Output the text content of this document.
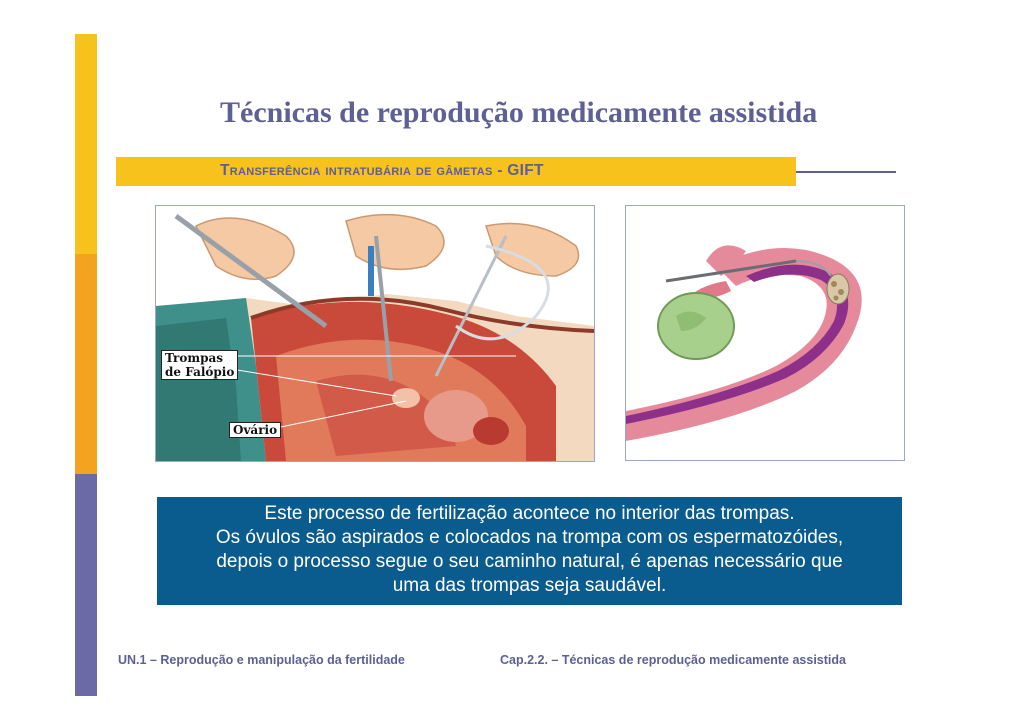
Técnicas de reprodução medicamente assistida
Transferência intratubária de gâmetas - GIFT
Trompas
de Falópio
Ovário
Este processo de fertilização acontece no interior das trompas.
Os óvulos são aspirados e colocados na trompa com os espermatozóides,
depois o processo segue o seu caminho natural, é apenas necessário que
uma das trompas seja saudável.
UN.1 – Reprodução e manipulação da fertilidade	Cap.2.2. – Técnicas de reprodução medicamente assistida
